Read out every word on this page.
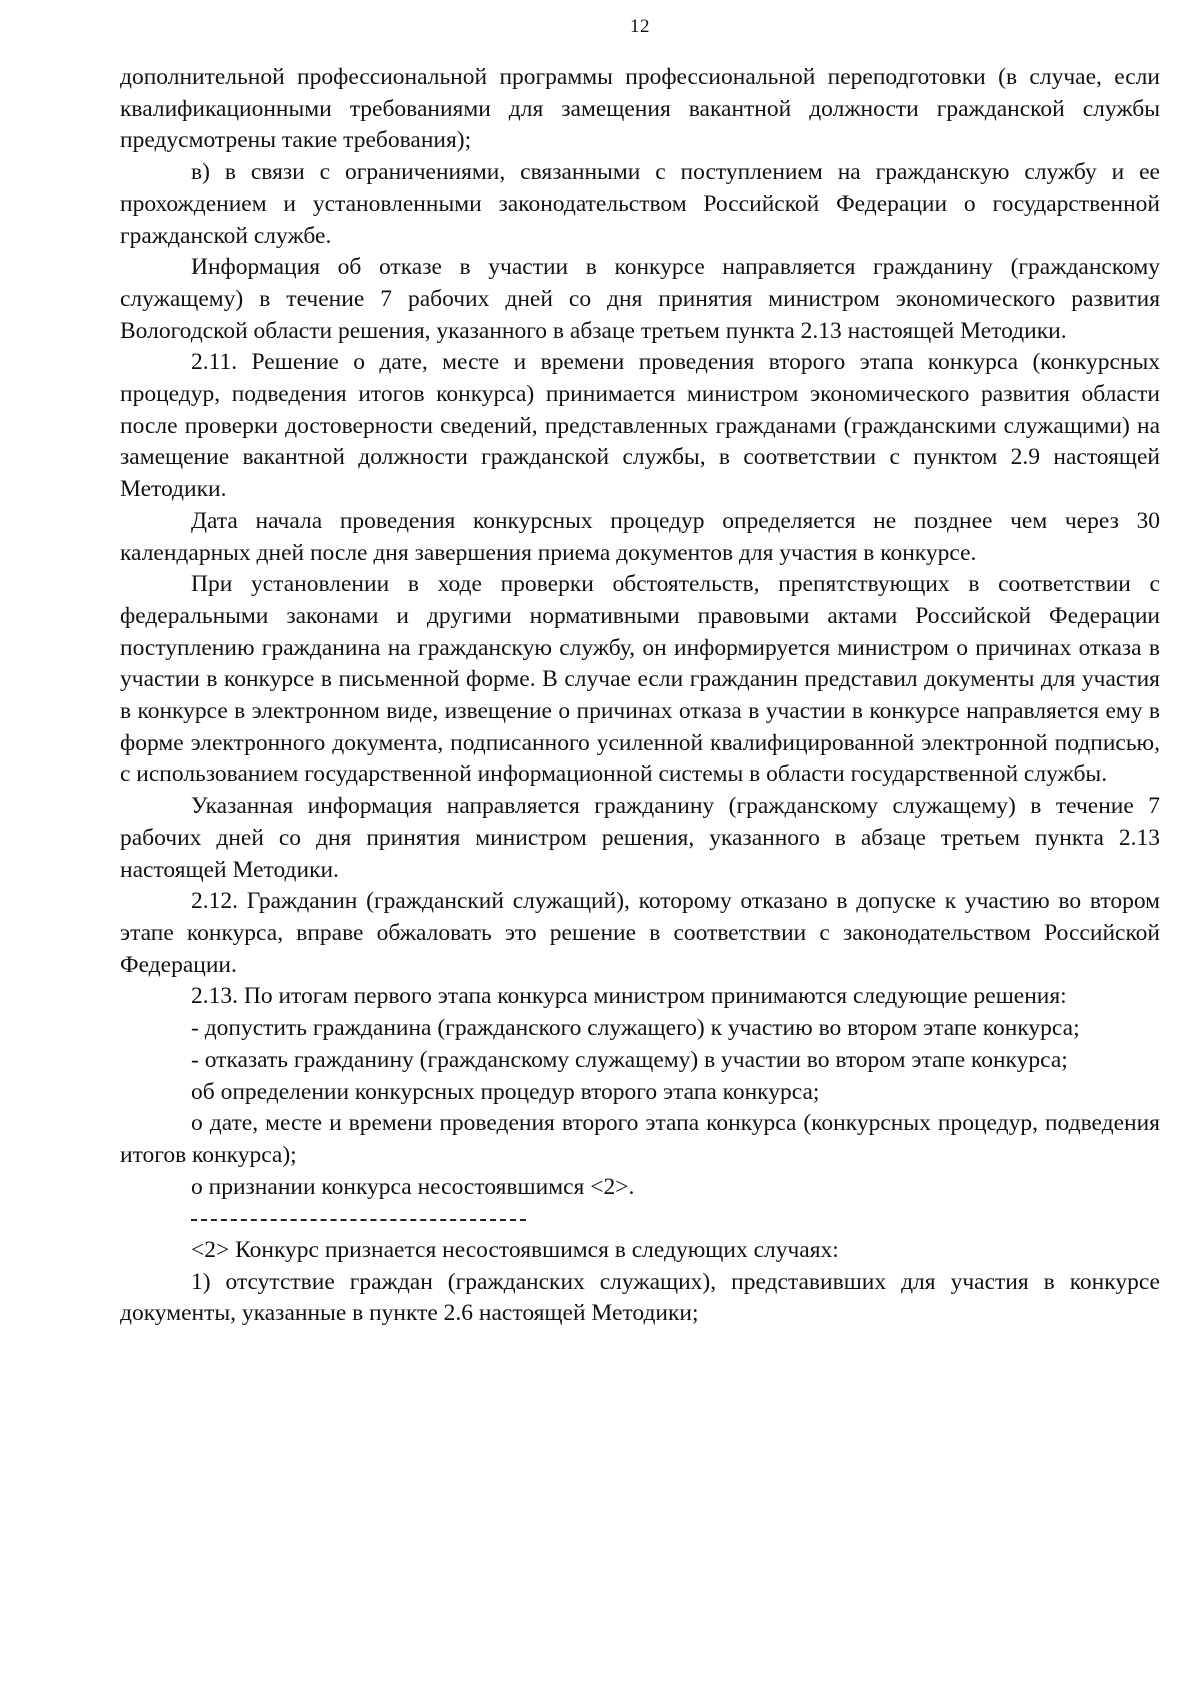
12

дополнительной профессиональной программы профессиональной переподготовки (в случае, если квалификационными требованиями для замещения вакантной должности гражданской службы предусмотрены такие требования);

в) в связи с ограничениями, связанными с поступлением на гражданскую службу и ее прохождением и установленными законодательством Российской Федерации о государственной гражданской службе.

Информация об отказе в участии в конкурсе направляется гражданину (гражданскому служащему) в течение 7 рабочих дней со дня принятия министром экономического развития Вологодской области решения, указанного в абзаце третьем пункта 2.13 настоящей Методики.

2.11. Решение о дате, месте и времени проведения второго этапа конкурса (конкурсных процедур, подведения итогов конкурса) принимается министром экономического развития области после проверки достоверности сведений, представленных гражданами (гражданскими служащими) на замещение вакантной должности гражданской службы, в соответствии с пунктом 2.9 настоящей Методики.

Дата начала проведения конкурсных процедур определяется не позднее чем через 30 календарных дней после дня завершения приема документов для участия в конкурсе.

При установлении в ходе проверки обстоятельств, препятствующих в соответствии с федеральными законами и другими нормативными правовыми актами Российской Федерации поступлению гражданина на гражданскую службу, он информируется министром о причинах отказа в участии в конкурсе в письменной форме. В случае если гражданин представил документы для участия в конкурсе в электронном виде, извещение о причинах отказа в участии в конкурсе направляется ему в форме электронного документа, подписанного усиленной квалифицированной электронной подписью, с использованием государственной информационной системы в области государственной службы.

Указанная информация направляется гражданину (гражданскому служащему) в течение 7 рабочих дней со дня принятия министром решения, указанного в абзаце третьем пункта 2.13 настоящей Методики.

2.12. Гражданин (гражданский служащий), которому отказано в допуске к участию во втором этапе конкурса, вправе обжаловать это решение в соответствии с законодательством Российской Федерации.

2.13. По итогам первого этапа конкурса министром принимаются следующие решения:

- допустить гражданина (гражданского служащего) к участию во втором этапе конкурса;

- отказать гражданину (гражданскому служащему) в участии во втором этапе конкурса;

об определении конкурсных процедур второго этапа конкурса;

о дате, месте и времени проведения второго этапа конкурса (конкурсных процедур, подведения итогов конкурса);

о признании конкурса несостоявшимся <2>.

<2> Конкурс признается несостоявшимся в следующих случаях:

1) отсутствие граждан (гражданских служащих), представивших для участия в конкурсе документы, указанные в пункте 2.6 настоящей Методики;
